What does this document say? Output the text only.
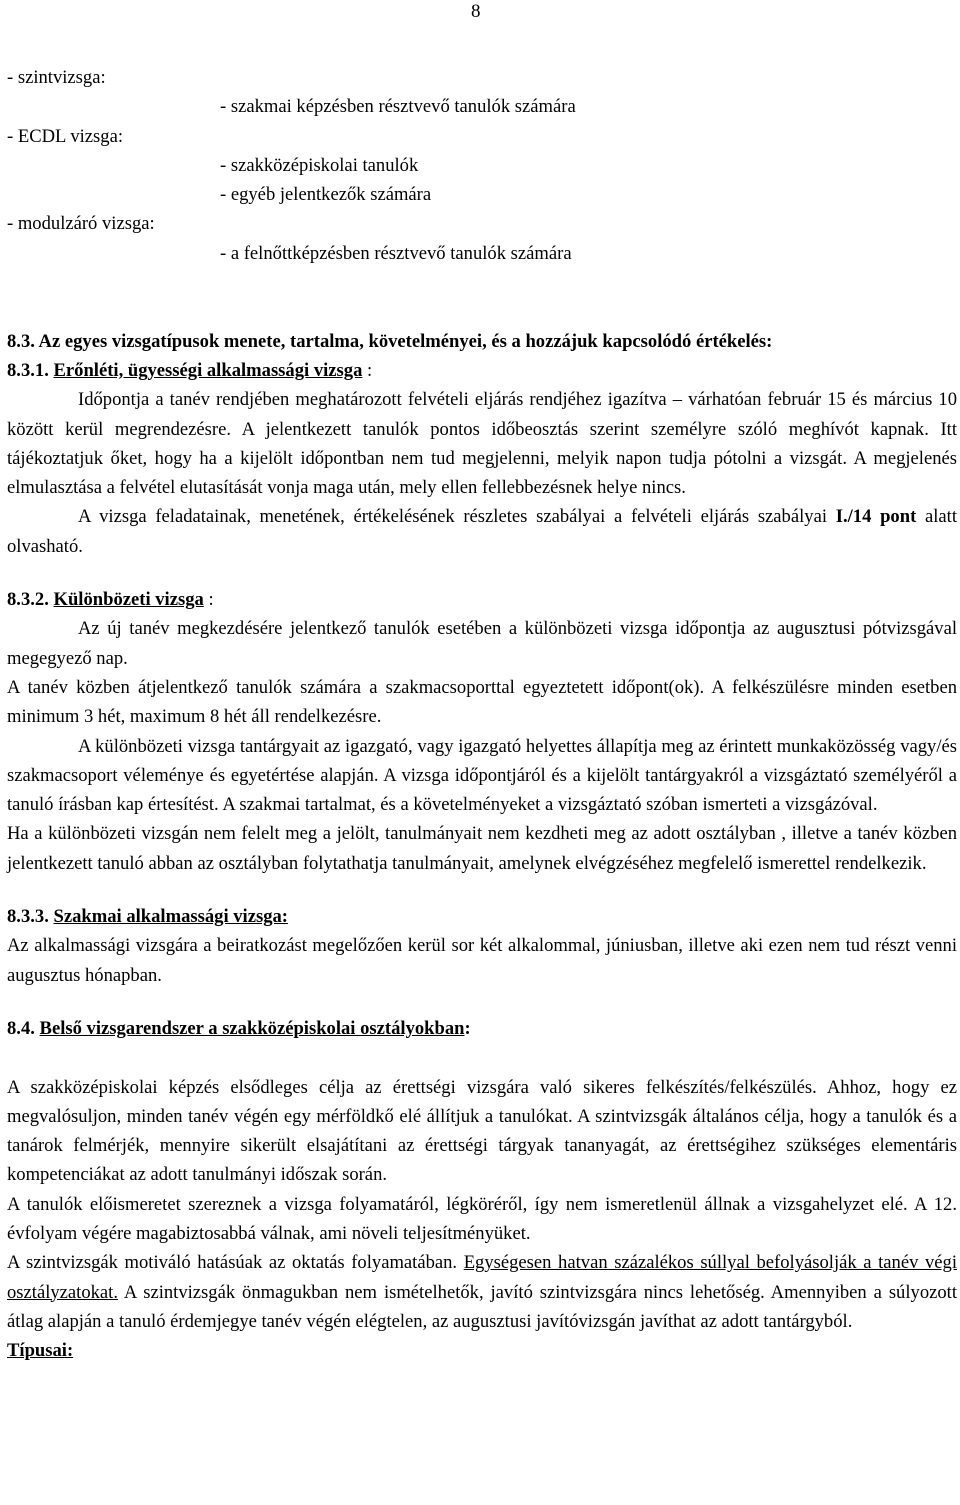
8

- szintvizsga:

- szakmai képzésben résztvevő tanulók számára

- ECDL vizsga:

- szakközépiskolai tanulók

- egyéb jelentkezők számára

- modulzáró vizsga:

- a felnőttképzésben résztvevő tanulók számára

8.3. Az egyes vizsgatípusok menete, tartalma, követelményei, és a hozzájuk kapcsolódó értékelés:

8.3.1. Erőnléti, ügyességi alkalmassági vizsga :

Időpontja a tanév rendjében meghatározott felvételi eljárás rendjéhez igazítva – várhatóan február 15 és március 10 között kerül megrendezésre. A jelentkezett tanulók pontos időbeosztás szerint személyre szóló meghívót kapnak. Itt tájékoztatjuk őket, hogy ha a kijelölt időpontban nem tud megjelenni, melyik napon tudja pótolni a vizsgát. A megjelenés elmulasztása a felvétel elutasítását vonja maga után, mely ellen fellebbezésnek helye nincs.

A vizsga feladatainak, menetének, értékelésének részletes szabályai a felvételi eljárás szabályai I./14 pont alatt olvasható.

8.3.2. Különbözeti vizsga :

Az új tanév megkezdésére jelentkező tanulók esetében a különbözeti vizsga időpontja az augusztusi pótvizsgával megegyező nap.

A tanév közben átjelentkező tanulók számára a szakmacsoporttal egyeztetett időpont(ok). A felkészülésre minden esetben minimum 3 hét, maximum 8 hét áll rendelkezésre.

A különbözeti vizsga tantárgyait az igazgató, vagy igazgató helyettes állapítja meg az érintett munkaközösség vagy/és szakmacsoport véleménye és egyetértése alapján. A vizsga időpontjáról és a kijelölt tantárgyakról a vizsgáztató személyéről a tanuló írásban kap értesítést. A szakmai tartalmat, és a követelményeket a vizsgáztató szóban ismerteti a vizsgázóval.

Ha a különbözeti vizsgán nem felelt meg a jelölt, tanulmányait nem kezdheti meg az adott osztályban , illetve a tanév közben jelentkezett tanuló abban az osztályban folytathatja tanulmányait, amelynek elvégzéséhez megfelelő ismerettel rendelkezik.

8.3.3. Szakmai alkalmassági vizsga:

Az alkalmassági vizsgára a beiratkozást megelőzően kerül sor két alkalommal, júniusban, illetve aki ezen nem tud részt venni augusztus hónapban.

8.4. Belső vizsgarendszer a szakközépiskolai osztályokban:

A szakközépiskolai képzés elsődleges célja az érettségi vizsgára való sikeres felkészítés/felkészülés. Ahhoz, hogy ez megvalósuljon, minden tanév végén egy mérföldkő elé állítjuk a tanulókat. A szintvizsgák általános célja, hogy a tanulók és a tanárok felmérjék, mennyire sikerült elsajátítani az érettségi tárgyak tananyagát, az érettségihez szükséges elementáris kompetenciákat az adott tanulmányi időszak során.

A tanulók előismeretet szereznek a vizsga folyamatáról, légköréről, így nem ismeretlenül állnak a vizsgahelyzet elé. A 12. évfolyam végére magabiztosabbá válnak, ami növeli teljesítményüket.

A szintvizsgák motiváló hatásúak az oktatás folyamatában. Egységesen hatvan százalékos súllyal befolyásolják a tanév végi osztályzatokat. A szintvizsgák önmagukban nem ismételhetők, javító szintvizsgára nincs lehetőség. Amennyiben a súlyozott átlag alapján a tanuló érdemjegye tanév végén elégtelen, az augusztusi javítóvizsgán javíthat az adott tantárgyból.

Típusai:
